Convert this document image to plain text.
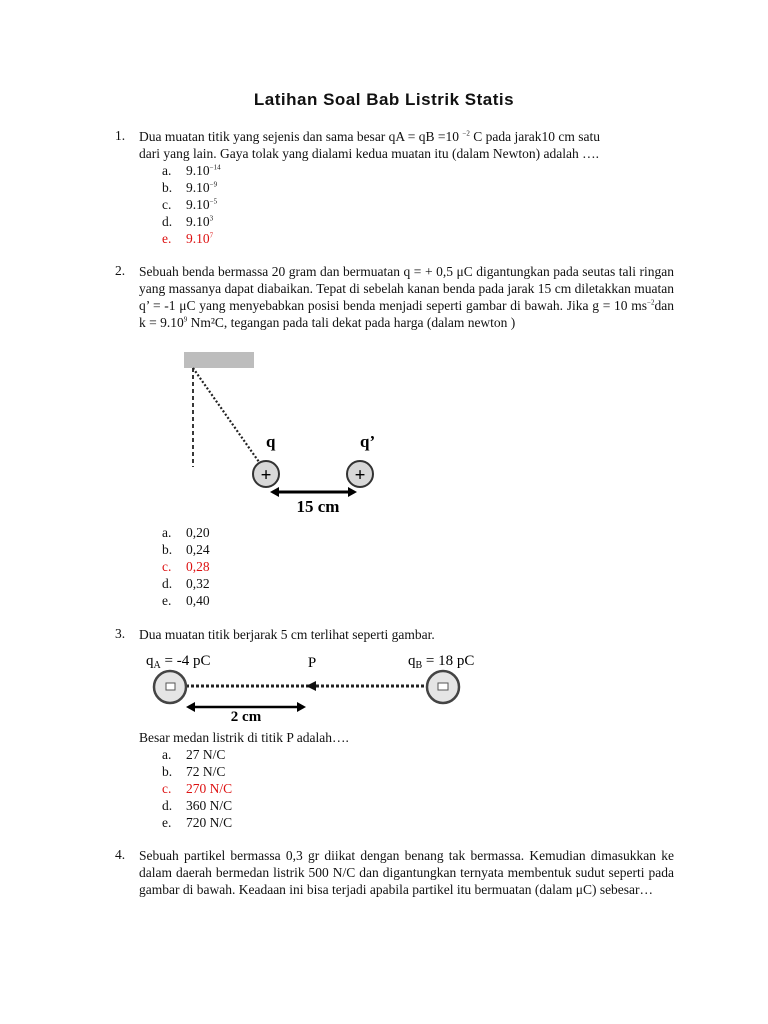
Latihan Soal Bab Listrik Statis
1. Dua muatan titik yang sejenis dan sama besar qA = qB =10 $^{-2}$ C pada jarak10 cm satu
dari yang lain. Gaya tolak yang dialami kedua muatan itu (dalam Newton) adalah ….
a. $9.10^{-14}$
b. $9.10^{-9}$
c. $9.10^{-5}$
d. 9.10$^3$
e. 9.10$^7$
2. Sebuah benda bermassa 20 gram dan bermuatan q = + 0,5 μC digantungkan pada seutas tali ringan yang massanya dapat diabaikan. Tepat di sebelah kanan benda pada jarak 15 cm diletakkan muatan q’ = -1 μC yang menyebabkan posisi benda menjadi seperti gambar di bawah. Jika g = 10 $ms^{-2}dan$ $k = 9.10^9$ Nm²C, tegangan pada tali dekat pada harga (dalam newton )
q	q’
+	+
15 cm
a. 0,20
b. 0,24
c. 0,28
d. 0,32
e. 0,40
3. Dua muatan titik berjarak 5 cm terlihat seperti gambar.
$q_A = -4$ pC	P	$q_B = 18$ pC
2 cm
Besar medan listrik di titik P adalah….
a. 27 N/C
b. 72 N/C
c. 270 N/C
d. 360 N/C
e. 720 N/C
4. Sebuah partikel bermassa 0,3 gr diikat dengan benang tak bermassa. Kemudian dimasukkan ke dalam daerah bermedan listrik 500 N/C dan digantungkan ternyata membentuk sudut seperti pada gambar di bawah. Keadaan ini bisa terjadi apabila partikel itu bermuatan (dalam μC) sebesar…
